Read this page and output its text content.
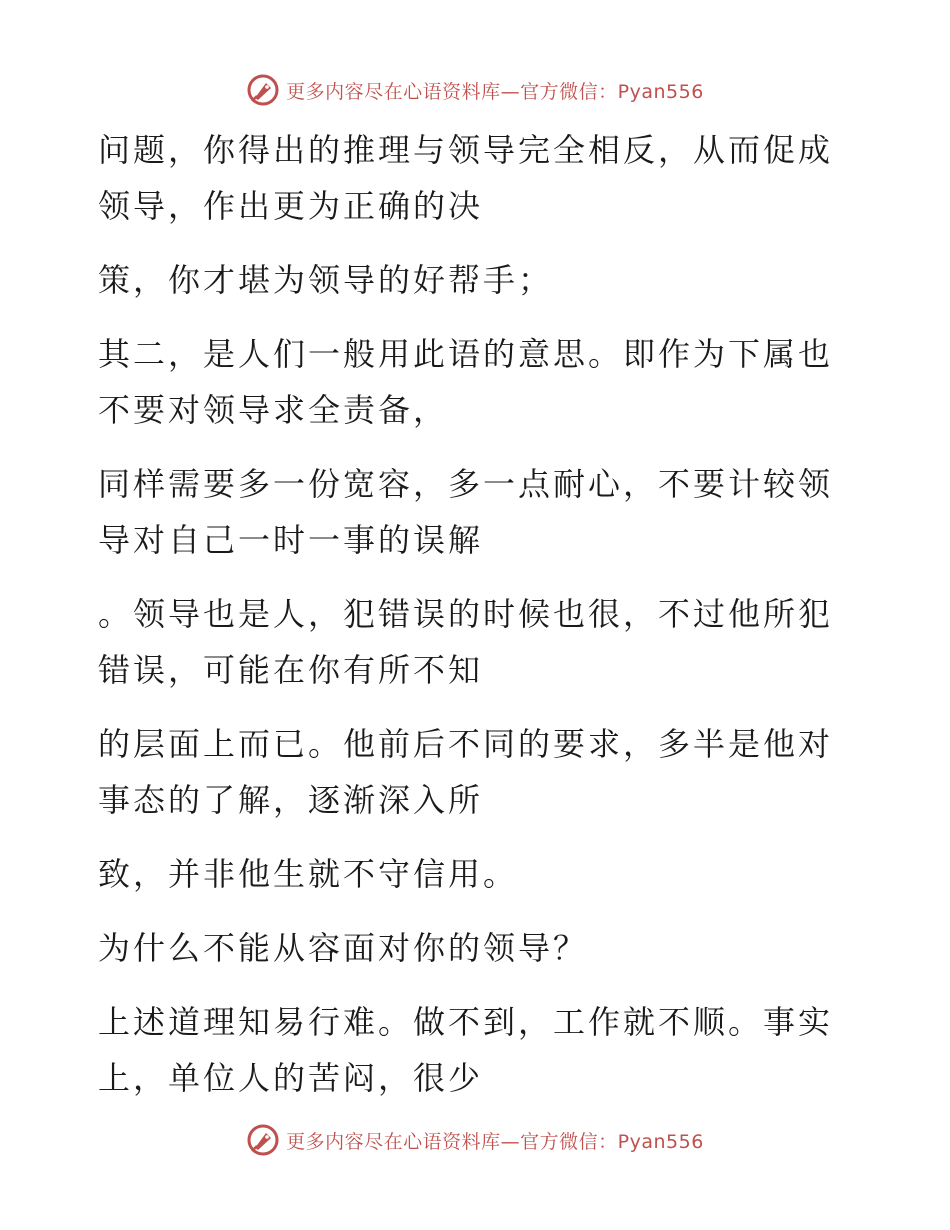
更多内容尽在心语资料库—官方微信：Pyan556

问题，你得出的推理与领导完全相反，从而促成
领导，作出更为正确的决

策，你才堪为领导的好帮手；

其二，是人们一般用此语的意思。即作为下属也
不要对领导求全责备，

同样需要多一份宽容，多一点耐心，不要计较领
导对自己一时一事的误解

。领导也是人，犯错误的时候也很，不过他所犯
错误，可能在你有所不知

的层面上而已。他前后不同的要求，多半是他对
事态的了解，逐渐深入所

致，并非他生就不守信用。

为什么不能从容面对你的领导？

上述道理知易行难。做不到，工作就不顺。事实
上，单位人的苦闷，很少

更多内容尽在心语资料库—官方微信：Pyan556
